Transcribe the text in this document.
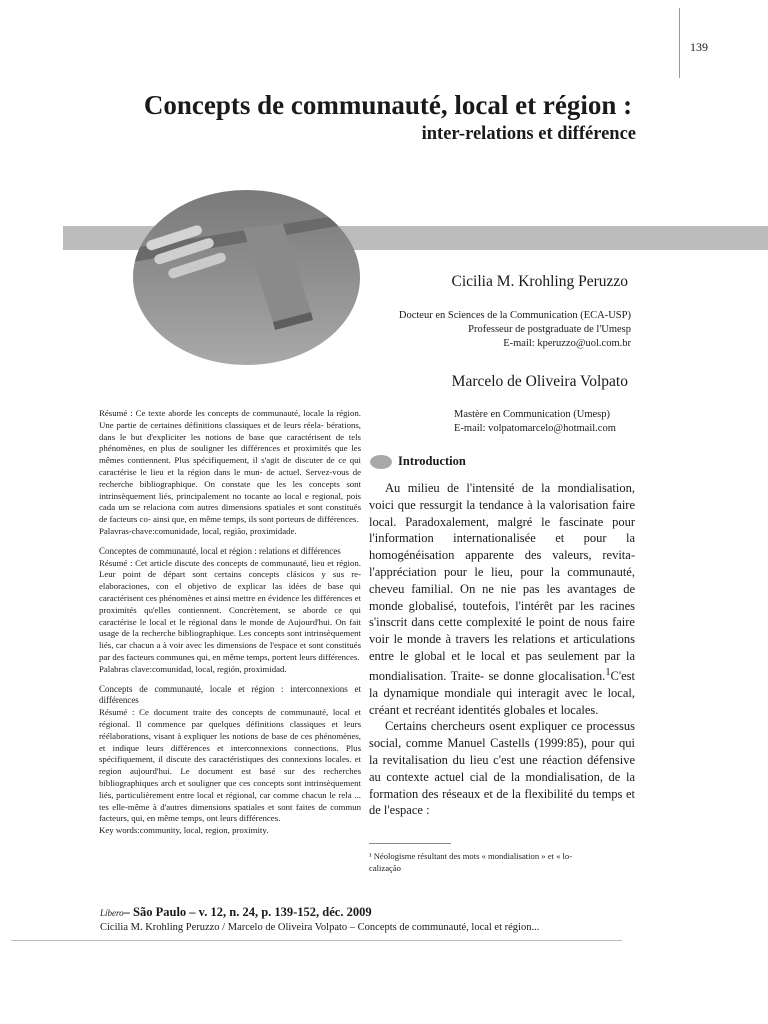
139
Concepts de communauté, local et région :
inter-relations et différence
Cicilia M. Krohling Peruzzo
Docteur en Sciences de la Communication (ECA-USP)
Professeur de postgraduate de l'Umesp
E-mail: kperuzzo@uol.com.br
Marcelo de Oliveira Volpato
Mastère en Communication (Umesp)
E-mail: volpatomarcelo@hotmail.com

Résumé : Ce texte aborde les concepts de communauté, locale la région. Une partie de certaines définitions classiques et de leurs réela- bérations, dans le but d'expliciter les notions de base que caractérisent de tels phénomènes, en plus de souligner les différences et proximités que les mêmes contiennent. Plus spécifiquement, il s'agit de discuter de ce qui caractérise le lieu et la région dans le mun- de actuel. Servez-vous de recherche bibliographique. On constate que les les concepts sont intrinsèquement liés, principalement no tocante ao local e regional, pois cada um se relaciona com autres dimensions spatiales et sont constitués de facteurs co- ainsi que, en même temps, ils sont porteurs de différences.

Palavras-chave:comunidade, local, região, proximidade.

Conceptes de communauté, local et région : relations et différences

Résumé : Cet article discute des concepts de communauté, lieu et région. Leur point de départ sont certains concepts clásicos y sus re-elaboraciones, con el objetivo de explicar las idées de base qui caractérisent ces phénomènes et ainsi mettre en évidence les différences et proximités qu'elles contiennent. Concrètement, se aborde ce qui caractérise le local et le régional dans le monde de Aujourd'hui. On fait usage de la recherche bibliographique. Les concepts sont intrinsèquement liés, car chacun a à voir avec les dimensions de l'espace et sont constitués par des facteurs communes qui, en même temps, portent leurs différences.

Palabras clave:comunidad, local, región, proximidad.

Concepts de communauté, locale et région : interconnexions et différences

Résumé : Ce document traite des concepts de communauté, local et régional. Il commence par quelques définitions classiques et leurs réélaborations, visant à expliquer les notions de base de ces phénomènes, et indique leurs différences et interconnexions connections. Plus spécifiquement, il discute des caractéristiques des connexions locales. et region aujourd'hui. Le document est basé sur des recherches bibliographiques arch et souligner que ces concepts sont intrinsèquement liés, particulièrement entre local et régional, car comme chacun le rela ... tes elle-même à d'autres dimensions spatiales et sont faites de commun facteurs, qui, en même temps, ont leurs différences.

Key words:community, local, region, proximity.

Introduction

Au milieu de l'intensité de la mondialisation, voici que ressurgit la tendance à la valorisation faire local. Paradoxalement, malgré le fascinate pour l'information internationalisée et pour la homogénéisation apparente des valeurs, revita- l'appréciation pour le lieu, pour la communauté, cheveu familial. On ne nie pas les avantages de monde globalisé, toutefois, l'intérêt par les racines s'inscrit dans cette complexité le point de nous faire voir le monde à travers les relations et articulations entre le global et le local et pas seulement par la mondialisation. Traite- se donne glocalisation.$^1$C'est la dynamique mondiale qui interagit avec le local, créant et recréant identités globales et locales.

Certains chercheurs osent expliquer ce processus social, comme Manuel Castells (1999:85), pour qui la revitalisation du lieu c'est une réaction défensive au contexte actuel cial de la mondialisation, de la formation des réseaux et de la flexibilité du temps et de l'espace :

¹ Néologisme résultant des mots « mondialisation » et « lo- calização
Líbero– São Paulo – v. 12, n. 24, p. 139-152, déc. 2009
Cicilia M. Krohling Peruzzo / Marcelo de Oliveira Volpato – Concepts de communauté, local et région...
